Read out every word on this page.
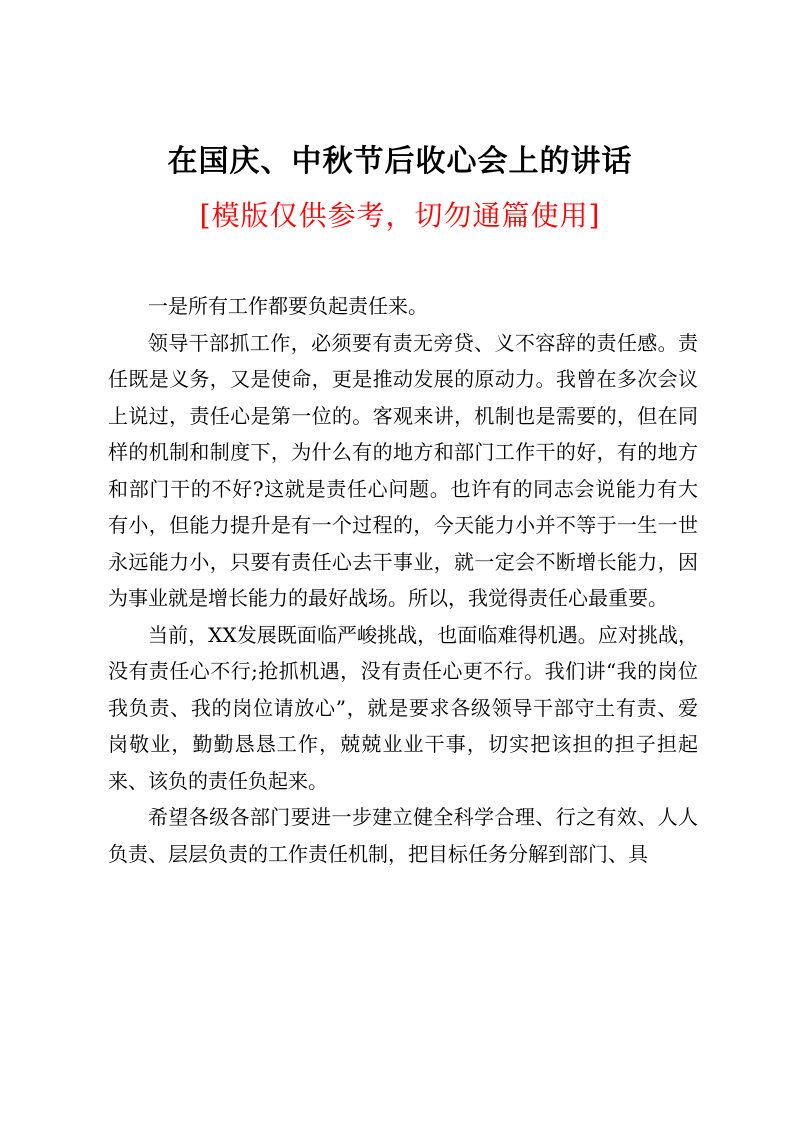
在国庆、中秋节后收心会上的讲话
[模版仅供参考，切勿通篇使用]

一是所有工作都要负起责任来。

领导干部抓工作，必须要有责无旁贷、义不容辞的责任感。责任既是义务，又是使命，更是推动发展的原动力。我曾在多次会议上说过，责任心是第一位的。客观来讲，机制也是需要的，但在同样的机制和制度下，为什么有的地方和部门工作干的好，有的地方和部门干的不好?这就是责任心问题。也许有的同志会说能力有大有小，但能力提升是有一个过程的，今天能力小并不等于一生一世永远能力小，只要有责任心去干事业，就一定会不断增长能力，因为事业就是增长能力的最好战场。所以，我觉得责任心最重要。

当前，XX发展既面临严峻挑战，也面临难得机遇。应对挑战，没有责任心不行;抢抓机遇，没有责任心更不行。我们讲“我的岗位我负责、我的岗位请放心”，就是要求各级领导干部守土有责、爱岗敬业，勤勤恳恳工作，兢兢业业干事，切实把该担的担子担起来、该负的责任负起来。

希望各级各部门要进一步建立健全科学合理、行之有效、人人负责、层层负责的工作责任机制，把目标任务分解到部门、具
